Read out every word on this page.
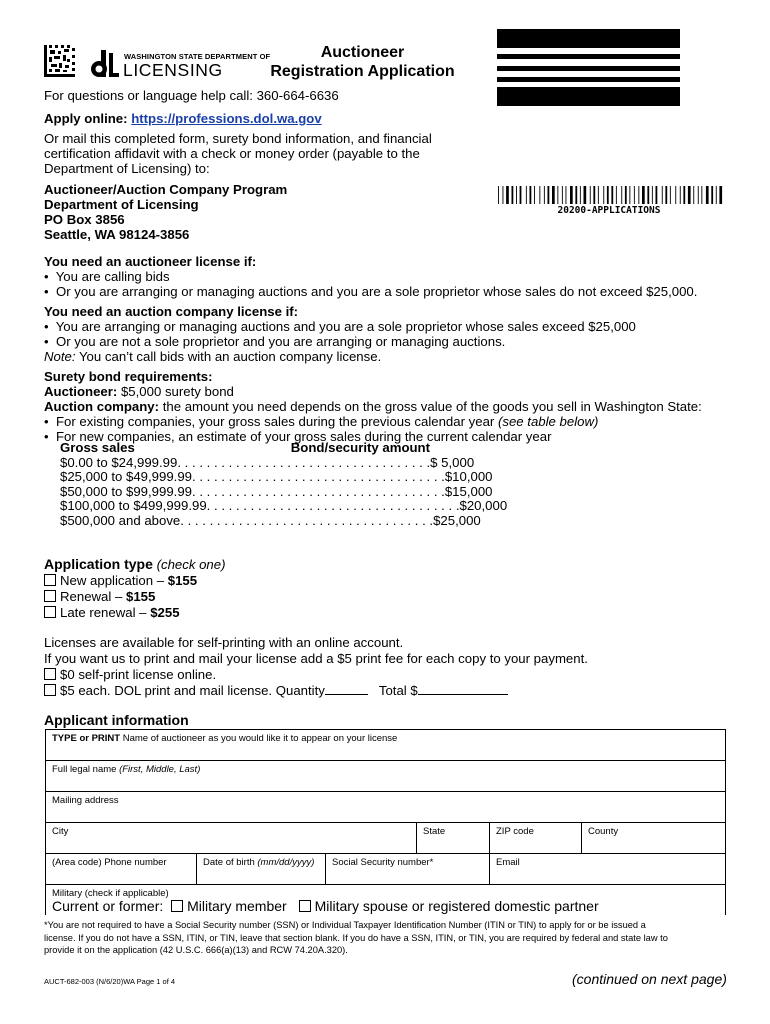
WASHINGTON STATE DEPARTMENT OF
LICENSING
Auctioneer
Registration Application
20200-APPLICATIONS
For questions or language help call: 360-664-6636
Apply online: https://professions.dol.wa.gov
Or mail this completed form, surety bond information, and financial
certification affidavit with a check or money order (payable to the
Department of Licensing) to:
Auctioneer/Auction Company Program
Department of Licensing
PO Box 3856
Seattle, WA 98124-3856
You need an auctioneer license if:
•  You are calling bids
•  Or you are arranging or managing auctions and you are a sole proprietor whose sales do not exceed $25,000.
You need an auction company license if:
•  You are arranging or managing auctions and you are a sole proprietor whose sales exceed $25,000
•  Or you are not a sole proprietor and you are arranging or managing auctions.
Note: You can’t call bids with an auction company license.
Surety bond requirements:
Auctioneer: $5,000 surety bond
Auction company: the amount you need depends on the gross value of the goods you sell in Washington State:
•  For existing companies, your gross sales during the previous calendar year (see table below)
•  For new companies, an estimate of your gross sales during the current calendar year
Gross sales	Bond/security amount
$0.00 to $24,999.99 . . . . . . . . . . . . . . . . . . . . . . . . . . . . . . . . . . . $ 5,000
$25,000 to $49,999.99 . . . . . . . . . . . . . . . . . . . . . . . . . . . . . . . . . . . $10,000
$50,000 to $99,999.99 . . . . . . . . . . . . . . . . . . . . . . . . . . . . . . . . . . . $15,000
$100,000 to $499,999.99 . . . . . . . . . . . . . . . . . . . . . . . . . . . . . . . . . . . $20,000
$500,000 and above . . . . . . . . . . . . . . . . . . . . . . . . . . . . . . . . . . . $25,000
Application type (check one)
New application – $155
Renewal – $155
Late renewal – $255
Licenses are available for self-printing with an online account.
If you want us to print and mail your license add a $5 print fee for each copy to your payment.
$0 self-print license online.
$5 each. DOL print and mail license. Quantity	Total $
Applicant information
TYPE or PRINT Name of auctioneer as you would like it to appear on your license
Full legal name (First, Middle, Last)
Mailing address
City	State	ZIP code	County
(Area code) Phone number	Date of birth (mm/dd/yyyy)	Social Security number*	Email
Military (check if applicable)
Current or former: Military member Military spouse or registered domestic partner
*You are not required to have a Social Security number (SSN) or Individual Taxpayer Identification Number (ITIN or TIN) to apply for or be issued a
license. If you do not have a SSN, ITIN, or TIN, leave that section blank. If you do have a SSN, ITIN, or TIN, you are required by federal and state law to
provide it on the application (42 U.S.C. 666(a)(13) and RCW 74.20A.320).
AUCT-682-003 (N/6/20)WA Page 1 of 4	(continued on next page)
